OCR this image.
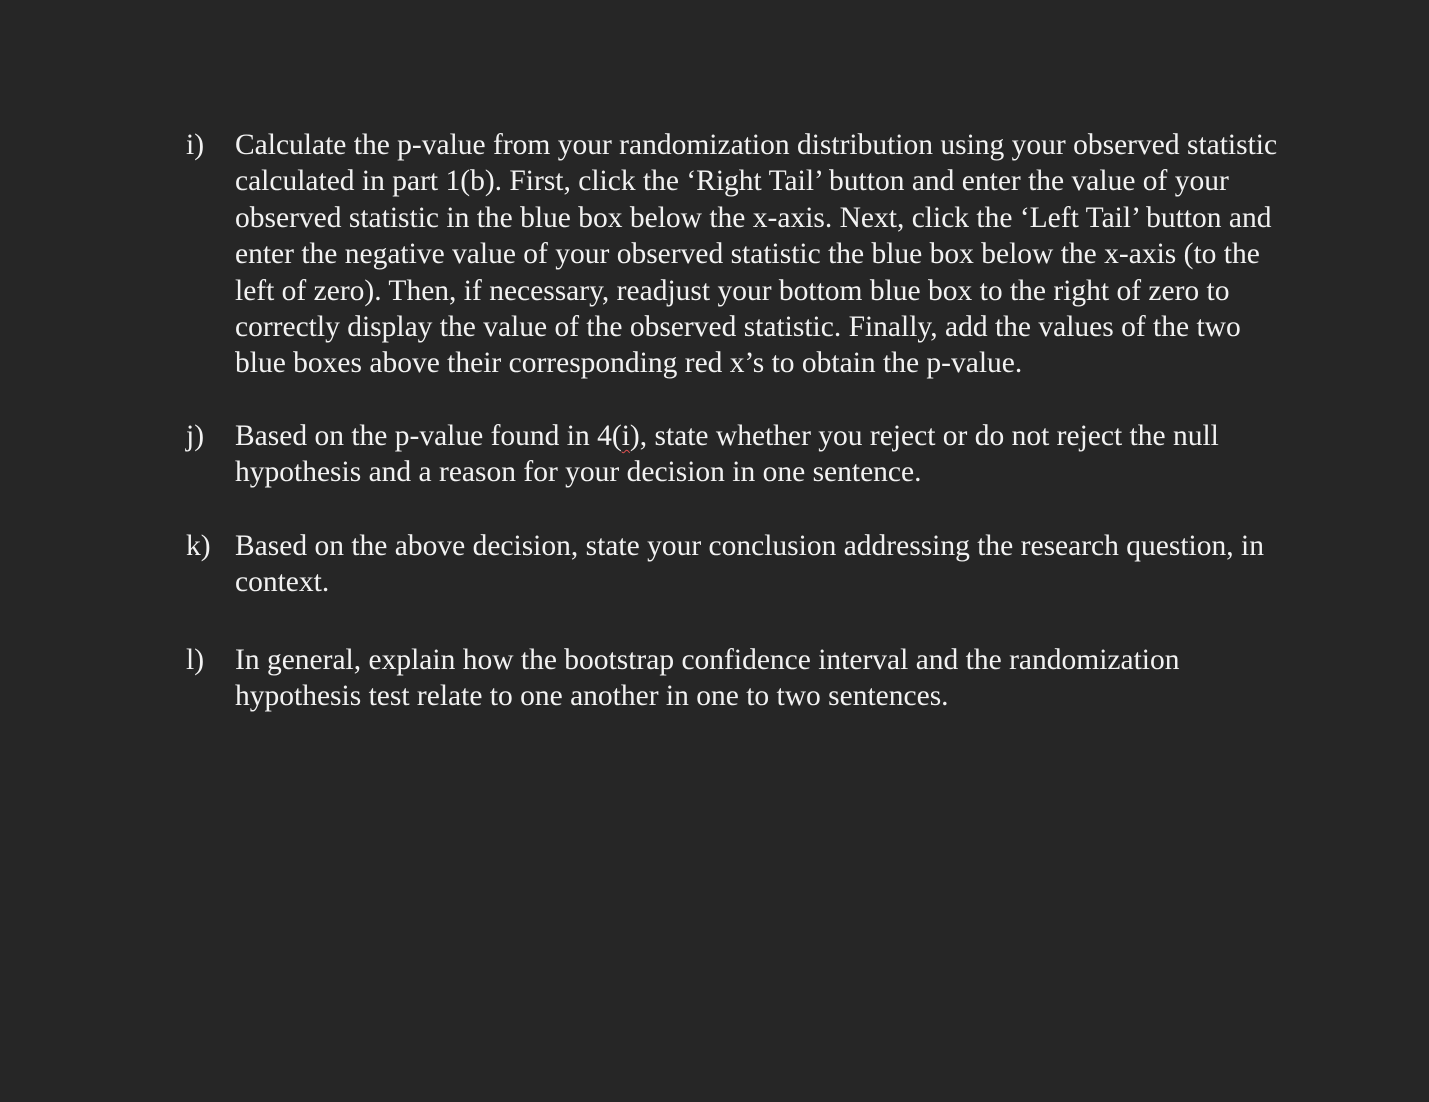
i)	Calculate the p-value from your randomization distribution using your observed statistic
calculated in part 1(b). First, click the ‘Right Tail’ button and enter the value of your
observed statistic in the blue box below the x-axis. Next, click the ‘Left Tail’ button and
enter the negative value of your observed statistic the blue box below the x-axis (to the
left of zero). Then, if necessary, readjust your bottom blue box to the right of zero to
correctly display the value of the observed statistic. Finally, add the values of the two
blue boxes above their corresponding red x’s to obtain the p-value.
j)	Based on the p-value found in 4(i), state whether you reject or do not reject the null
hypothesis and a reason for your decision in one sentence.
k) Based on the above decision, state your conclusion addressing the research question, in
context.
l)	In general, explain how the bootstrap confidence interval and the randomization
hypothesis test relate to one another in one to two sentences.
